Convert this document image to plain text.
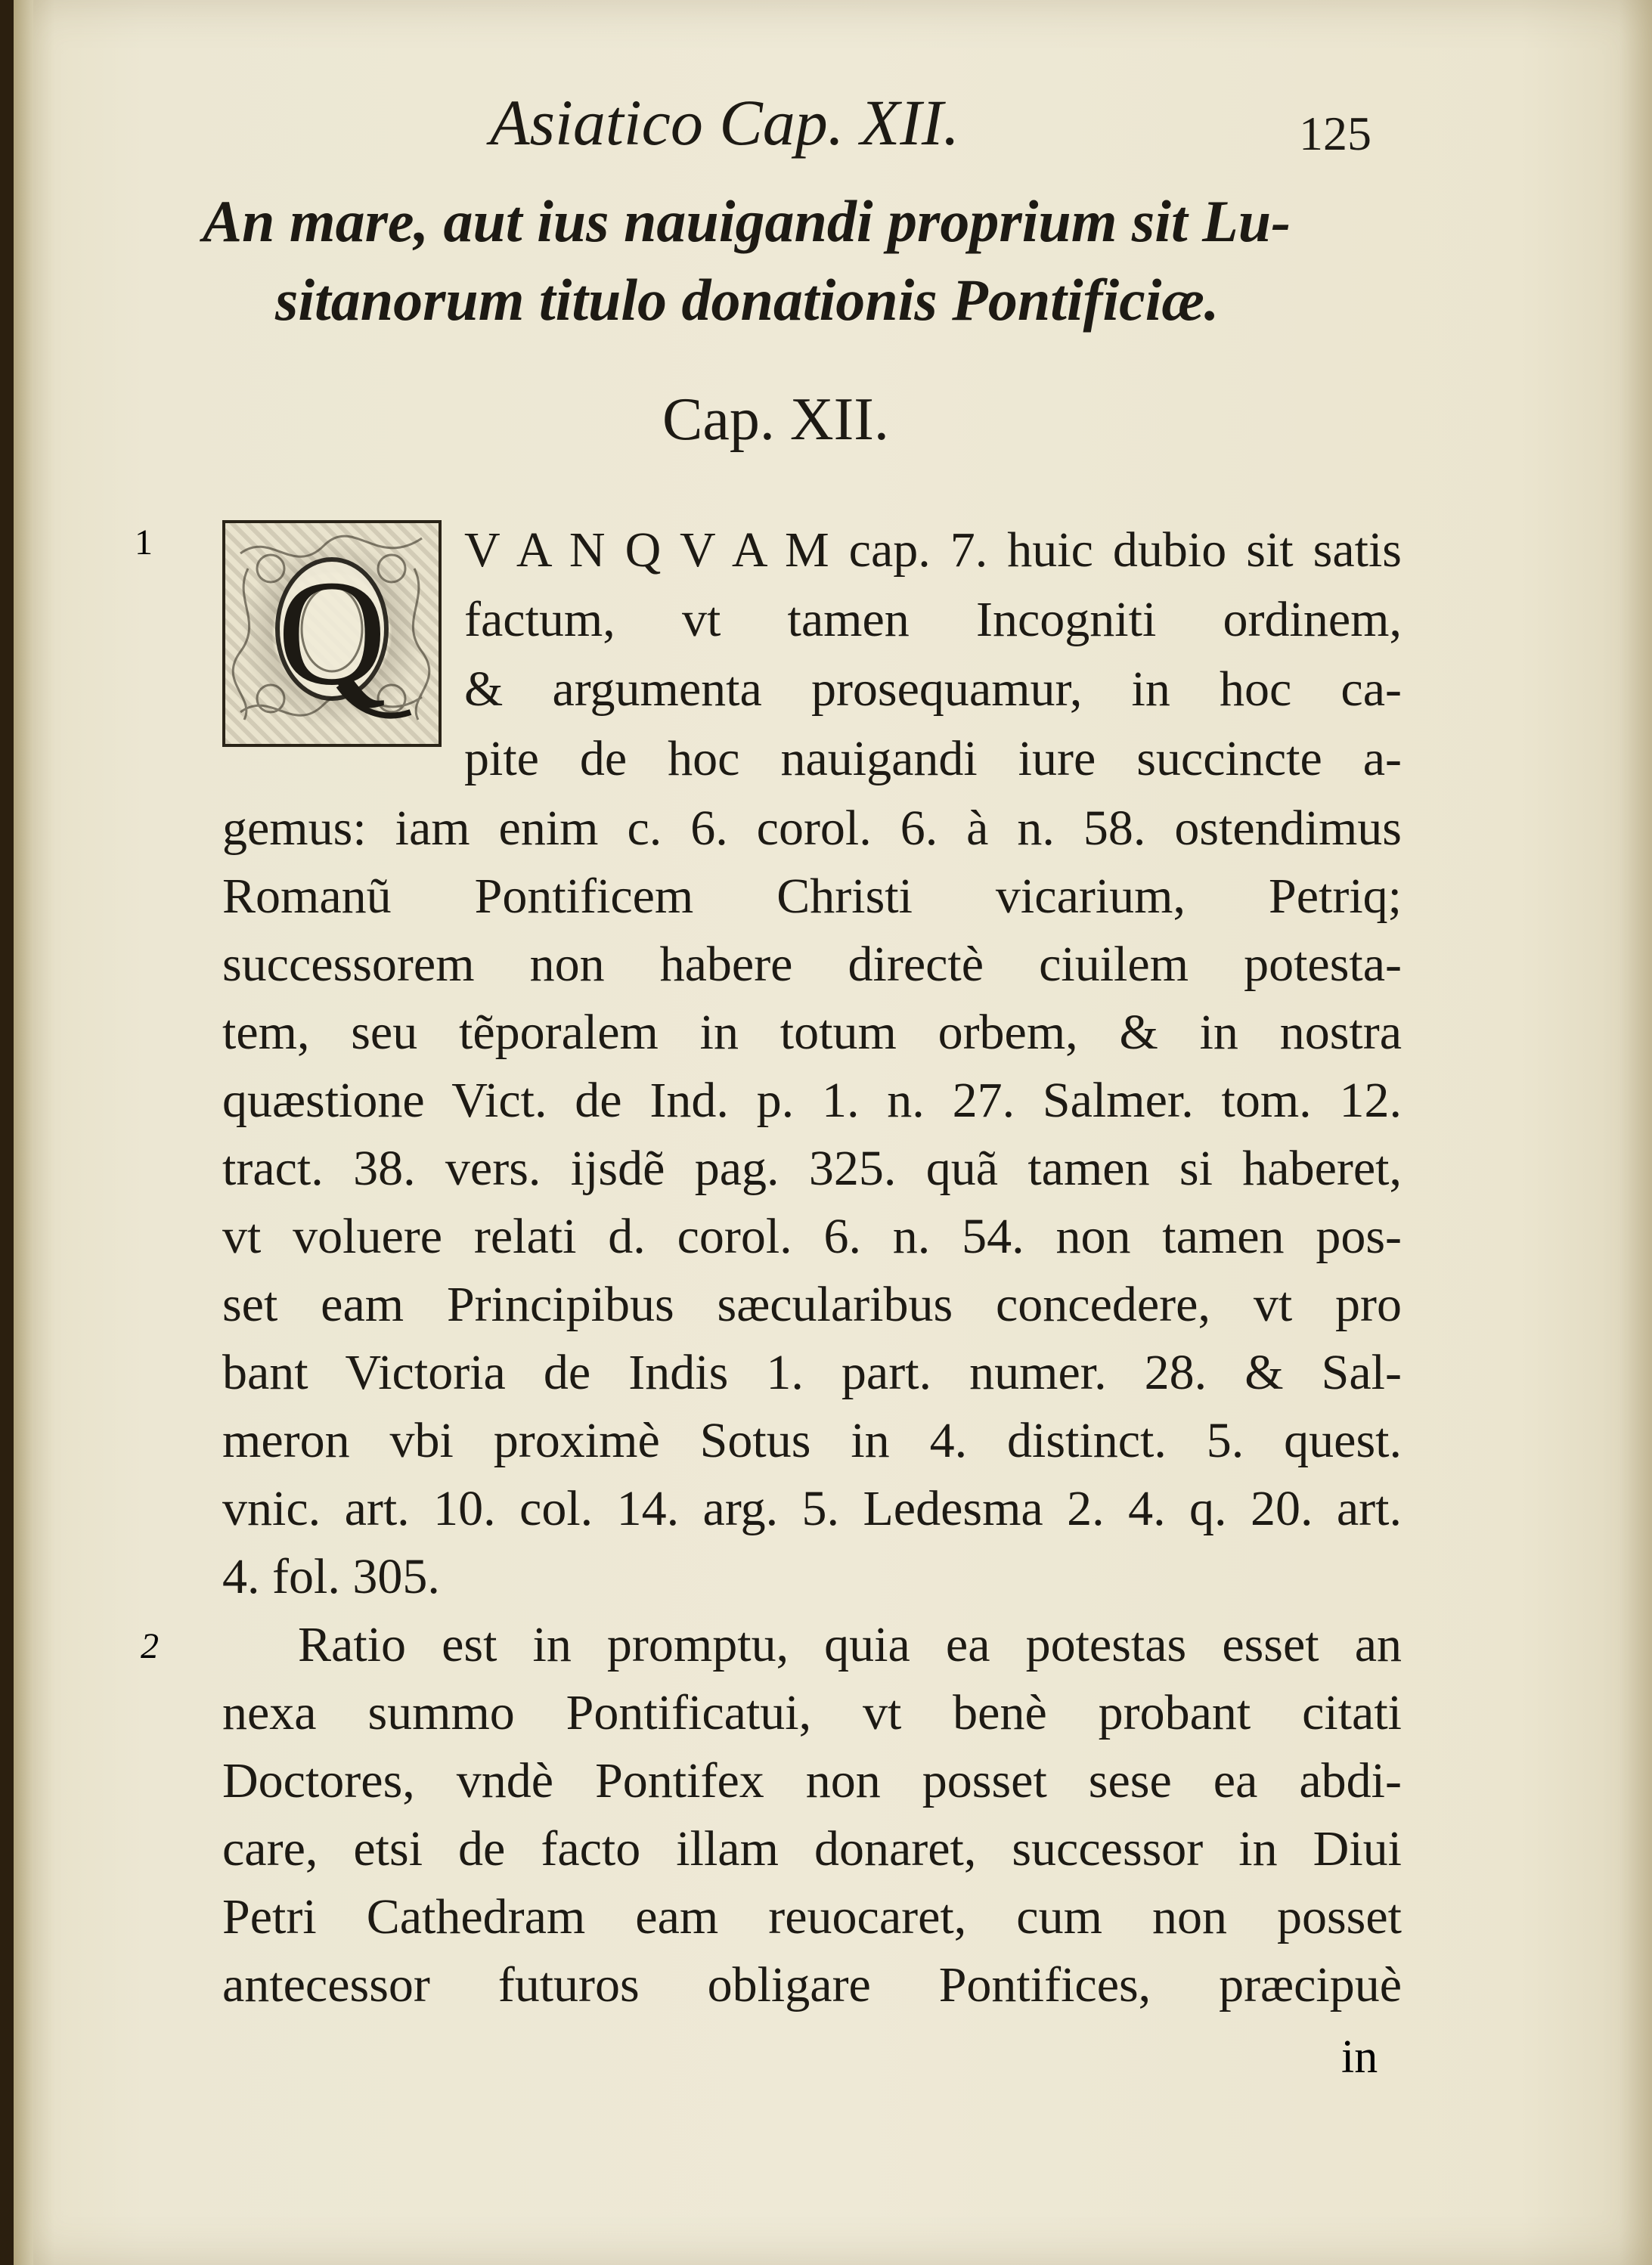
Asiatico Cap. XII.	125
An mare, aut ius nauigandi proprium sit Lu-
sitanorum titulo donationis Pontificiæ.
Cap. XII.
1
Q	V A N Q V A M cap. 7. huic dubio sit satis
factum, vt tamen Incogniti ordinem,
& argumenta prosequamur, in hoc ca-
pite de hoc nauigandi iure succincte a-
gemus: iam enim c. 6. corol. 6. à n. 58. ostendimus
Romanũ Pontificem Christi vicarium, Petriq;
successorem non habere directè ciuilem potesta-
tem, seu tẽporalem in totum orbem, & in nostra
quæstione Vict. de Ind. p. 1. n. 27. Salmer. tom. 12.
tract. 38. vers. ijsdẽ pag. 325. quã tamen si haberet,
vt voluere relati d. corol. 6. n. 54. non tamen pos-
set eam Principibus sæcularibus concedere, vt pro
bant Victoria de Indis 1. part. numer. 28. & Sal-
meron vbi proximè Sotus in 4. distinct. 5. quest.
vnic. art. 10. col. 14. arg. 5. Ledesma 2. 4. q. 20. art.
4. fol. 305.
2	Ratio est in promptu, quia ea potestas esset an
nexa summo Pontificatui, vt benè probant citati
Doctores, vndè Pontifex non posset sese ea abdi-
care, etsi de facto illam donaret, successor in Diui
Petri Cathedram eam reuocaret, cum non posset
antecessor futuros obligare Pontifices, præcipuè
in
